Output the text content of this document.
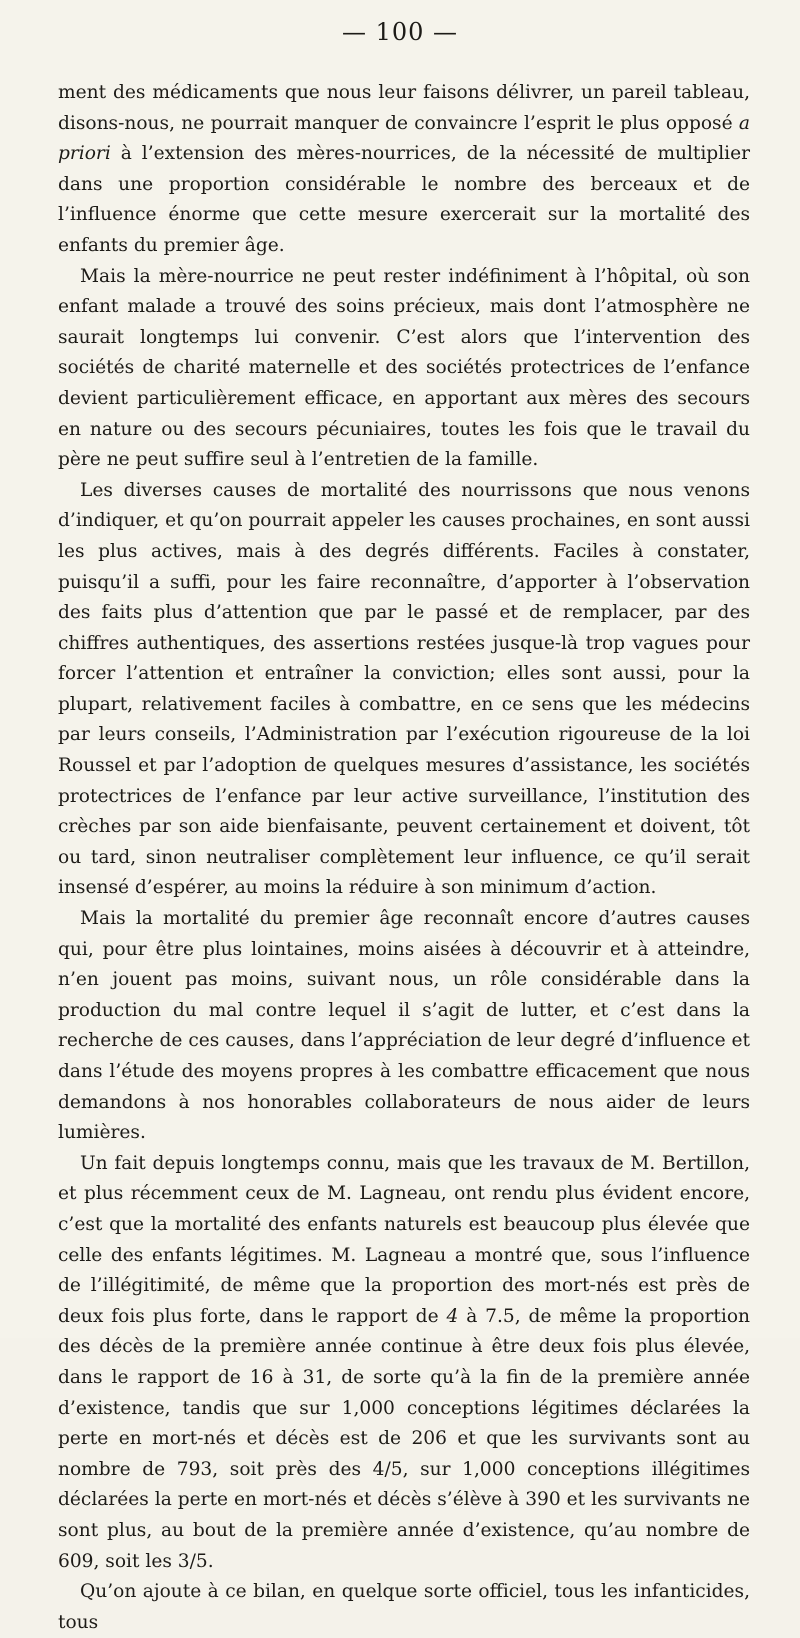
— 100 —

ment des médicaments que nous leur faisons délivrer, un pareil tableau, disons-nous, ne pourrait manquer de convaincre l’esprit le plus opposé a priori à l’extension des mères-nourrices, de la nécessité de multiplier dans une proportion considérable le nombre des berceaux et de l’influence énorme que cette mesure exercerait sur la mortalité des enfants du premier âge.

Mais la mère-nourrice ne peut rester indéfiniment à l’hôpital, où son enfant malade a trouvé des soins précieux, mais dont l’atmosphère ne saurait longtemps lui convenir. C’est alors que l’intervention des sociétés de charité maternelle et des sociétés protectrices de l’enfance devient particulièrement efficace, en apportant aux mères des secours en nature ou des secours pécuniaires, toutes les fois que le travail du père ne peut suffire seul à l’entretien de la famille.

Les diverses causes de mortalité des nourrissons que nous venons d’indiquer, et qu’on pourrait appeler les causes prochaines, en sont aussi les plus actives, mais à des degrés différents. Faciles à constater, puisqu’il a suffi, pour les faire reconnaître, d’apporter à l’observation des faits plus d’attention que par le passé et de remplacer, par des chiffres authentiques, des assertions restées jusque-là trop vagues pour forcer l’attention et entraîner la conviction; elles sont aussi, pour la plupart, relativement faciles à combattre, en ce sens que les médecins par leurs conseils, l’Administration par l’exécution rigoureuse de la loi Roussel et par l’adoption de quelques mesures d’assistance, les sociétés protectrices de l’enfance par leur active surveillance, l’institution des crèches par son aide bienfaisante, peuvent certainement et doivent, tôt ou tard, sinon neutraliser complètement leur influence, ce qu’il serait insensé d’espérer, au moins la réduire à son minimum d’action.

Mais la mortalité du premier âge reconnaît encore d’autres causes qui, pour être plus lointaines, moins aisées à découvrir et à atteindre, n’en jouent pas moins, suivant nous, un rôle considérable dans la production du mal contre lequel il s’agit de lutter, et c’est dans la recherche de ces causes, dans l’appréciation de leur degré d’influence et dans l’étude des moyens propres à les combattre efficacement que nous demandons à nos honorables collaborateurs de nous aider de leurs lumières.

Un fait depuis longtemps connu, mais que les travaux de M. Bertillon, et plus récemment ceux de M. Lagneau, ont rendu plus évident encore, c’est que la mortalité des enfants naturels est beaucoup plus élevée que celle des enfants légitimes. M. Lagneau a montré que, sous l’influence de l’illégitimité, de même que la proportion des mort-nés est près de deux fois plus forte, dans le rapport de 4 à 7.5, de même la proportion des décès de la première année continue à être deux fois plus élevée, dans le rapport de 16 à 31, de sorte qu’à la fin de la première année d’existence, tandis que sur 1,000 conceptions légitimes déclarées la perte en mort-nés et décès est de 206 et que les survivants sont au nombre de 793, soit près des 4/5, sur 1,000 conceptions illégitimes déclarées la perte en mort-nés et décès s’élève à 390 et les survivants ne sont plus, au bout de la première année d’existence, qu’au nombre de 609, soit les 3/5.

Qu’on ajoute à ce bilan, en quelque sorte officiel, tous les infanticides, tous
